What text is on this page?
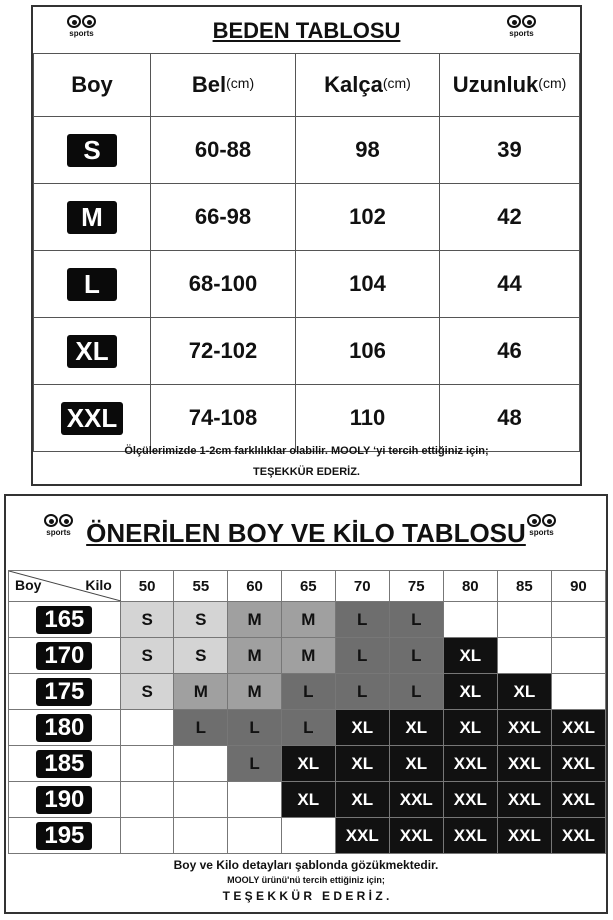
sports	BEDEN TABLOSU	sports
Boy	Bel$^{(cm)}$	Kalça$^{(cm)}$	Uzunluk$^{(cm)}$
S	60-88	98	39
M	66-98	102	42
L	68-100	104	44
XL	72-102	106	46
XXL	74-108	110	48
Ölçülerimizde 1-2cm farklılıklar olabilir. MOOLY ‘yi tercih ettiğiniz için;
TEŞEKKÜR EDERİZ.
sports ÖNERİLEN BOY VE KİLO TABLOSU sports
Boy Kilo	50	55	60	65	70	75	80	85	90
165	S	S	M	M	L	L			
170	S	S	M	M	L	L	XL		
175	S	M	M	L	L	L	XL	XL	
180		L	L	L	XL	XL	XL	XXL	XXL
185			L	XL	XL	XL	XXL	XXL	XXL
190				XL	XL	XXL	XXL	XXL	XXL
195					XXL	XXL	XXL	XXL	XXL
Boy ve Kilo detayları şablonda gözükmektedir.
MOOLY ürünü'nü tercih ettiğiniz için;
T E Ş E K K Ü R   E D E R İ Z .
